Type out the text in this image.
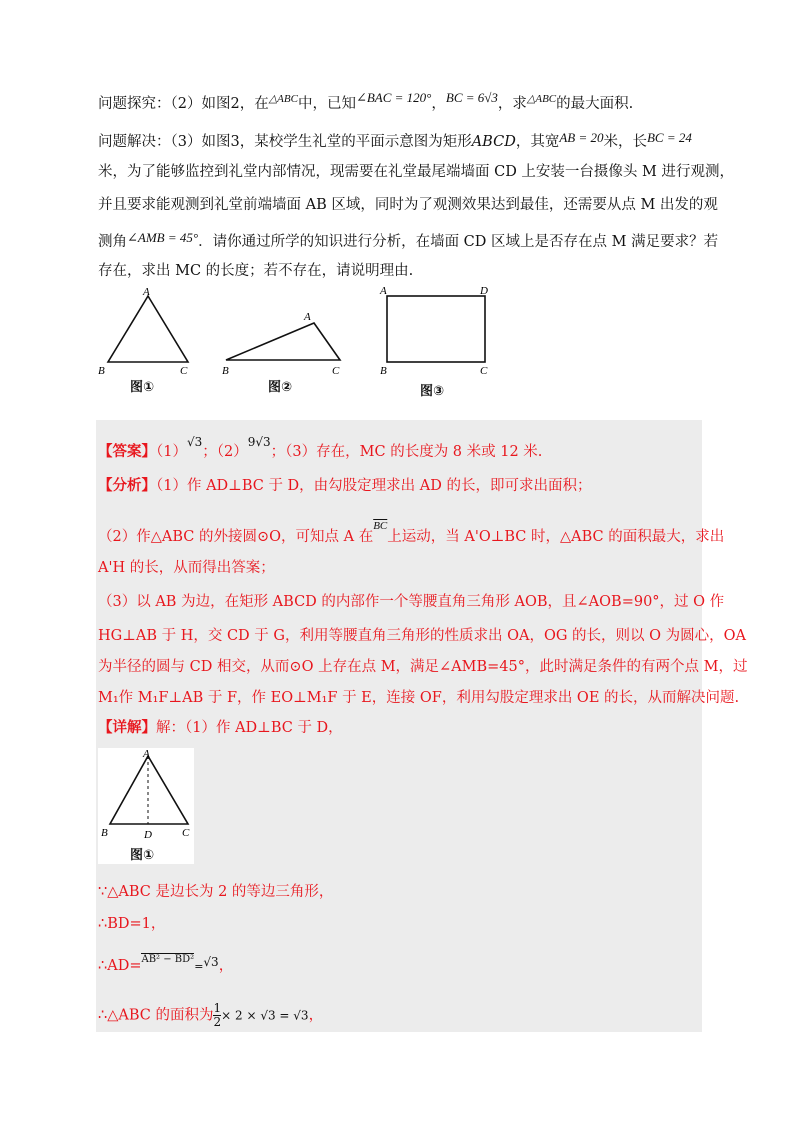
问题探究：（2）如图2，在$^{\triangle ABC}$中，已知∠BAC = 120°，BC = 6√3，求$^{\triangle ABC}$的最大面积.
问题解决：（3）如图3，某校学生礼堂的平面示意图为矩形ABCD，其宽AB = 20米，长BC = 24
米，为了能够监控到礼堂内部情况，现需要在礼堂最尾端墙面 CD 上安装一台摄像头 M 进行观测，
并且要求能观测到礼堂前端墙面 AB 区域，同时为了观测效果达到最佳，还需要从点 M 出发的观
测角∠AMB = 45°．请你通过所学的知识进行分析，在墙面 CD 区域上是否存在点 M 满足要求？若
存在，求出 MC 的长度；若不存在，请说明理由.
A
B	C
图①
A
B	C
图②
A	D
B	C
图③
【答案】$(1)^{√3}$；$(2)^{9√3}$；（3）存在，MC 的长度为 8 米或 12 米.
【分析】（1）作 AD⊥BC 于 D，由勾股定理求出 AD 的长，即可求出面积；
（2）作△ABC 的外接圆⊙O，可知点 A 在$^{\overline{BC}}$上运动，当 A'O⊥BC 时，△ABC 的面积最大，求出
A'H 的长，从而得出答案；
（3）以 AB 为边，在矩形 ABCD 的内部作一个等腰直角三角形 AOB，且∠AOB=90°，过 O 作
HG⊥AB 于 H，交 CD 于 G，利用等腰直角三角形的性质求出 OA，OG 的长，则以 O 为圆心，OA
为半径的圆与 CD 相交，从而⊙O 上存在点 M，满足∠AMB=45°，此时满足条件的有两个点 M，过
M₁作 M₁F⊥AB 于 F，作 EO⊥M₁F 于 E，连接 OF，利用勾股定理求出 OE 的长，从而解决问题.
【详解】解：（1）作 AD⊥BC 于 D，
A
B	D	C
图①
∵△ABC 是边长为 2 的等边三角形，
∴BD=1，
∴AD=$^{AB^2 - BD^2}$=$^{√3}$，
∴△ABC 的面积为 $\frac{1}{2} \times 2 \times √3 = √3$，
